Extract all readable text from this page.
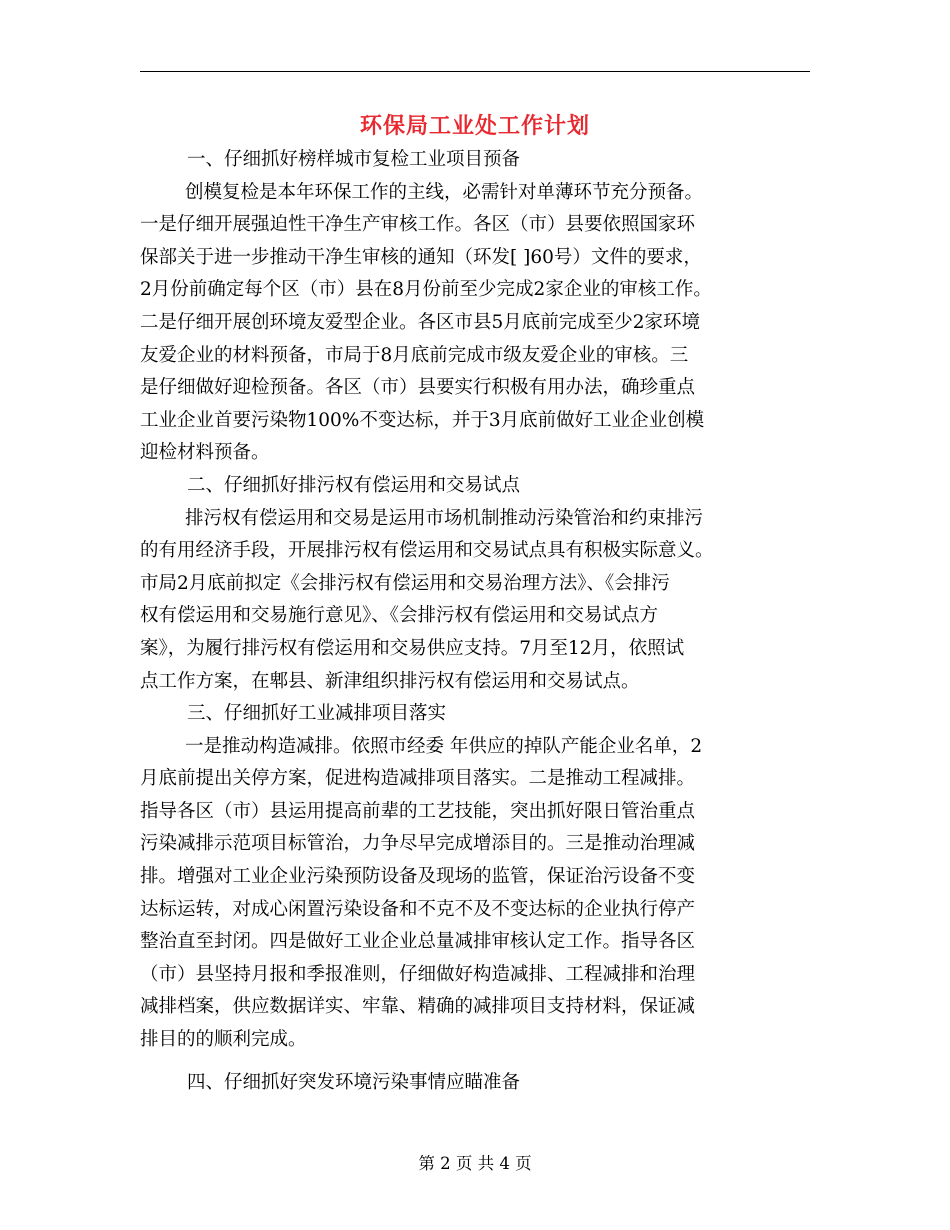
环保局工业处工作计划

一、仔细抓好榜样城市复检工业项目预备

创模复检是本年环保工作的主线，必需针对单薄环节充分预备。

一是仔细开展强迫性干净生产审核工作。各区（市）县要依照国家环

保部关于进一步推动干净生审核的通知（环发[ ]60号）文件的要求，

2月份前确定每个区（市）县在8月份前至少完成2家企业的审核工作。

二是仔细开展创环境友爱型企业。各区市县5月底前完成至少2家环境

友爱企业的材料预备，市局于8月底前完成市级友爱企业的审核。三

是仔细做好迎检预备。各区（市）县要实行积极有用办法，确珍重点

工业企业首要污染物100%不变达标，并于3月底前做好工业企业创模

迎检材料预备。

二、仔细抓好排污权有偿运用和交易试点

排污权有偿运用和交易是运用市场机制推动污染管治和约束排污

的有用经济手段，开展排污权有偿运用和交易试点具有积极实际意义。

市局2月底前拟定《会排污权有偿运用和交易治理方法》、《会排污

权有偿运用和交易施行意见》、《会排污权有偿运用和交易试点方

案》，为履行排污权有偿运用和交易供应支持。7月至12月，依照试

点工作方案，在郫县、新津组织排污权有偿运用和交易试点。

三、仔细抓好工业减排项目落实

一是推动构造减排。依照市经委 年供应的掉队产能企业名单，2

月底前提出关停方案，促进构造减排项目落实。二是推动工程减排。

指导各区（市）县运用提高前辈的工艺技能，突出抓好限日管治重点

污染减排示范项目标管治，力争尽早完成增添目的。三是推动治理减

排。增强对工业企业污染预防设备及现场的监管，保证治污设备不变

达标运转，对成心闲置污染设备和不克不及不变达标的企业执行停产

整治直至封闭。四是做好工业企业总量减排审核认定工作。指导各区

（市）县坚持月报和季报准则，仔细做好构造减排、工程减排和治理

减排档案，供应数据详实、牢靠、精确的减排项目支持材料，保证减

排目的的顺利完成。

四、仔细抓好突发环境污染事情应瞄准备

第 2 页 共 4 页
